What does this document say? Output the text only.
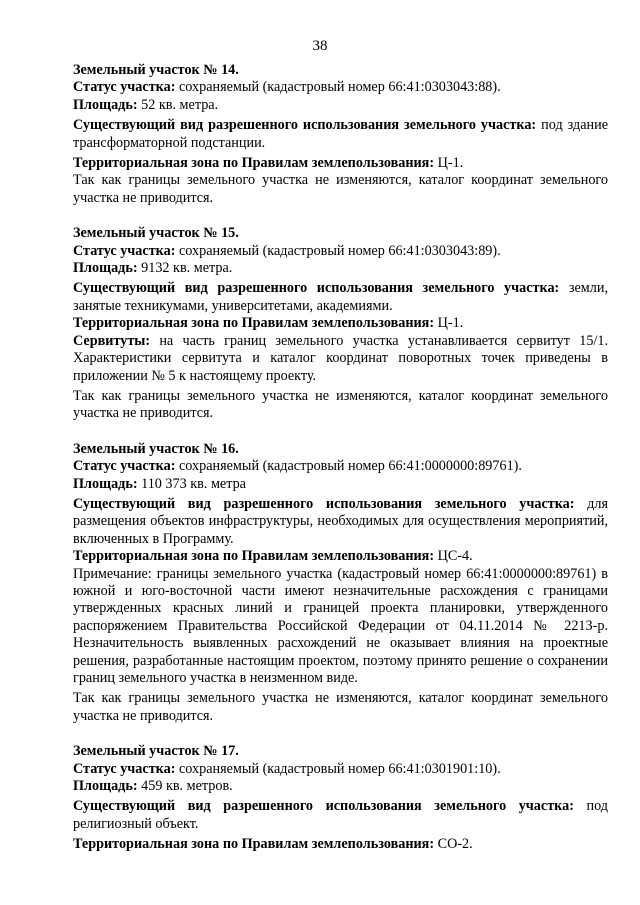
38
Земельный участок № 14.
Статус участка: сохраняемый (кадастровый номер 66:41:0303043:88).
Площадь: 52 кв. метра.
Существующий вид разрешенного использования земельного участка: под здание трансформаторной подстанции.
Территориальная зона по Правилам землепользования: Ц-1.
Так как границы земельного участка не изменяются, каталог координат земельного участка не приводится.
Земельный участок № 15.
Статус участка: сохраняемый (кадастровый номер 66:41:0303043:89).
Площадь: 9132 кв. метра.
Существующий вид разрешенного использования земельного участка: земли, занятые техникумами, университетами, академиями.
Территориальная зона по Правилам землепользования: Ц-1.
Сервитуты: на часть границ земельного участка устанавливается сервитут 15/1. Характеристики сервитута и каталог координат поворотных точек приведены в приложении № 5 к настоящему проекту.
Так как границы земельного участка не изменяются, каталог координат земельного участка не приводится.
Земельный участок № 16.
Статус участка: сохраняемый (кадастровый номер 66:41:0000000:89761).
Площадь: 110 373 кв. метра
Существующий вид разрешенного использования земельного участка: для размещения объектов инфраструктуры, необходимых для осуществления мероприятий, включенных в Программу.
Территориальная зона по Правилам землепользования: ЦС-4.
Примечание: границы земельного участка (кадастровый номер 66:41:0000000:89761) в южной и юго-восточной части имеют незначительные расхождения с границами утвержденных красных линий и границей проекта планировки, утвержденного распоряжением Правительства Российской Федерации от 04.11.2014 № 2213-р. Незначительность выявленных расхождений не оказывает влияния на проектные решения, разработанные настоящим проектом, поэтому принято решение о сохранении границ земельного участка в неизменном виде.
Так как границы земельного участка не изменяются, каталог координат земельного участка не приводится.
Земельный участок № 17.
Статус участка: сохраняемый (кадастровый номер 66:41:0301901:10).
Площадь: 459 кв. метров.
Существующий вид разрешенного использования земельного участка: под религиозный объект.
Территориальная зона по Правилам землепользования: СО-2.
